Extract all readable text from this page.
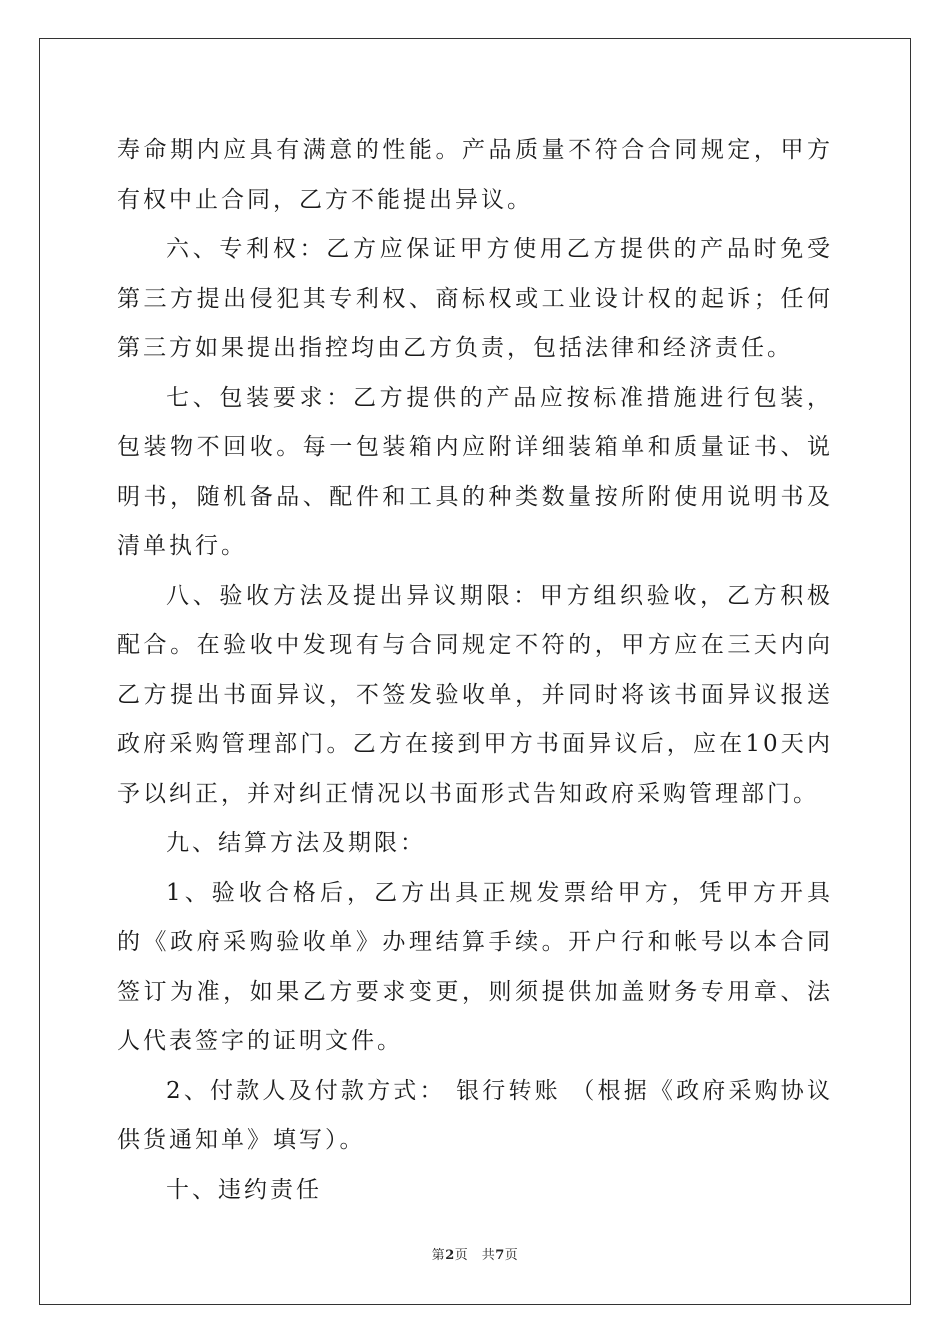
寿命期内应具有满意的性能。产品质量不符合合同规定，甲方有权中止合同，乙方不能提出异议。

六、专利权：乙方应保证甲方使用乙方提供的产品时免受第三方提出侵犯其专利权、商标权或工业设计权的起诉；任何第三方如果提出指控均由乙方负责，包括法律和经济责任。

七、包装要求：乙方提供的产品应按标准措施进行包装，包装物不回收。每一包装箱内应附详细装箱单和质量证书、说明书，随机备品、配件和工具的种类数量按所附使用说明书及清单执行。

八、验收方法及提出异议期限：甲方组织验收，乙方积极配合。在验收中发现有与合同规定不符的，甲方应在三天内向乙方提出书面异议，不签发验收单，并同时将该书面异议报送政府采购管理部门。乙方在接到甲方书面异议后，应在10天内予以纠正，并对纠正情况以书面形式告知政府采购管理部门。

九、结算方法及期限：

1、验收合格后，乙方出具正规发票给甲方，凭甲方开具的《政府采购验收单》办理结算手续。开户行和帐号以本合同签订为准，如果乙方要求变更，则须提供加盖财务专用章、法人代表签字的证明文件。

2、付款人及付款方式： 银行转账 （根据《政府采购协议供货通知单》填写）。

十、违约责任

第2页　共7页
